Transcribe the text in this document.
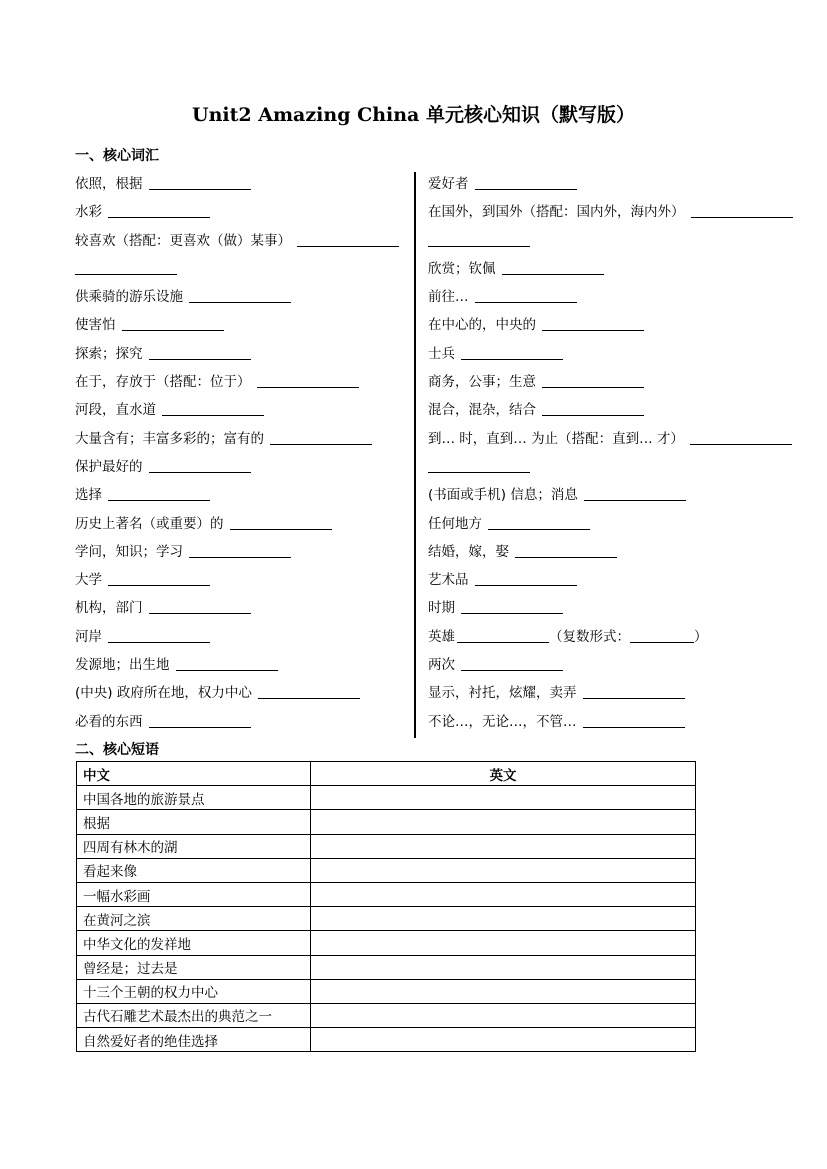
Unit2 Amazing China 单元核心知识（默写版）
一、核心词汇
依照，根据
水彩
较喜欢（搭配：更喜欢（做）某事）
供乘骑的游乐设施
使害怕
探索；探究
在于，存放于（搭配：位于）
河段，直水道
大量含有；丰富多彩的；富有的
保护最好的
选择
历史上著名（或重要）的
学问，知识；学习
大学
机构，部门
河岸
发源地；出生地
(中央) 政府所在地，权力中心
必看的东西
爱好者
在国外，到国外（搭配：国内外，海内外）
欣赏；钦佩
前往…
在中心的，中央的
士兵
商务，公事；生意
混合，混杂，结合
到… 时，直到… 为止（搭配：直到… 才）
(书面或手机) 信息；消息
任何地方
结婚，嫁，娶
艺术品
时期
英雄	（复数形式：	）
两次
显示，衬托，炫耀，卖弄
不论…，无论…，不管…
二、核心短语
中文	英文
中国各地的旅游景点	
根据	
四周有林木的湖	
看起来像	
一幅水彩画	
在黄河之滨	
中华文化的发祥地	
曾经是；过去是	
十三个王朝的权力中心	
古代石雕艺术最杰出的典范之一	
自然爱好者的绝佳选择	
